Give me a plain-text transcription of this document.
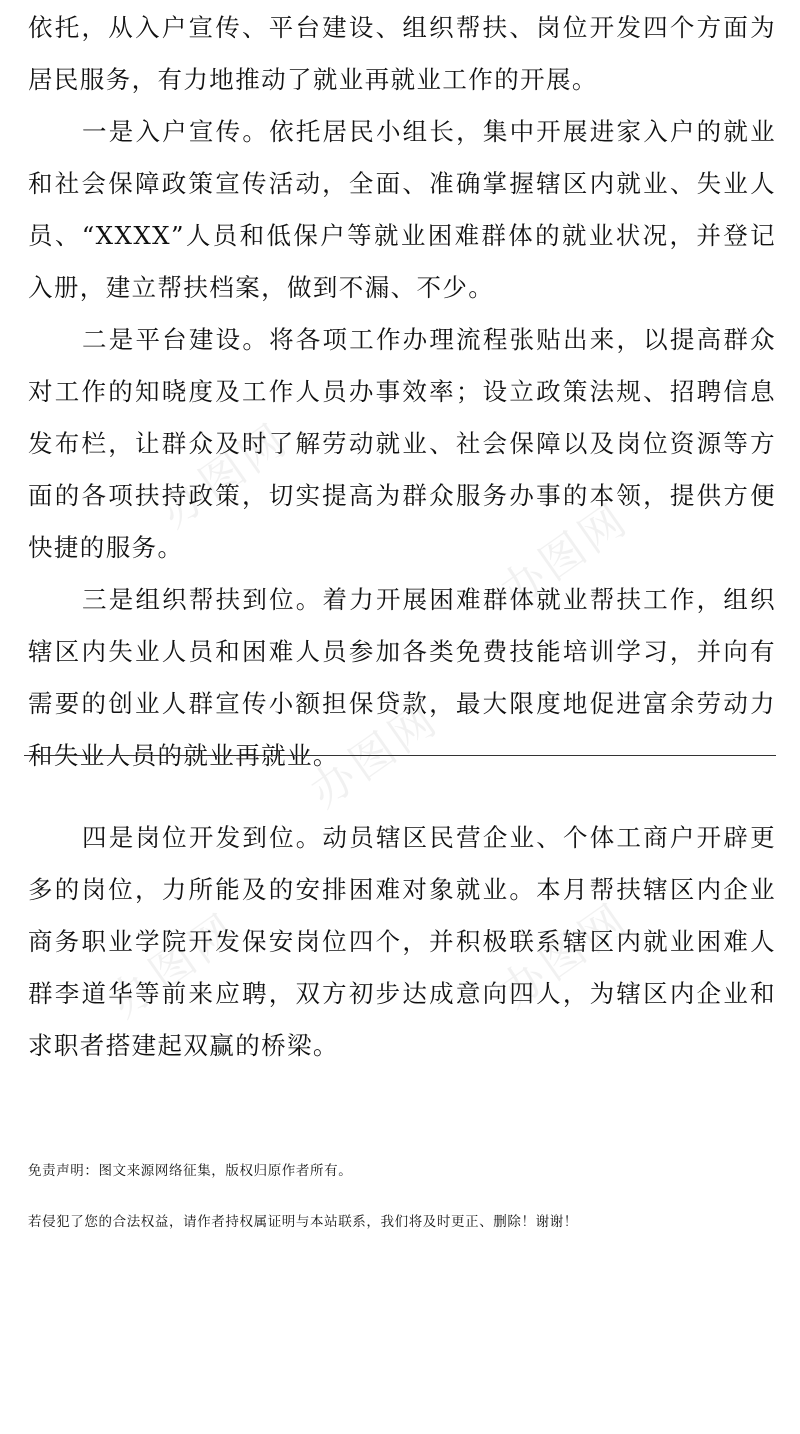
办图网
办图网
办图网
办图网	办图网

依托，从入户宣传、平台建设、组织帮扶、岗位开发四个方面为居民服务，有力地推动了就业再就业工作的开展。

一是入户宣传。依托居民小组长，集中开展进家入户的就业和社会保障政策宣传活动，全面、准确掌握辖区内就业、失业人员、“XXXX”人员和低保户等就业困难群体的就业状况，并登记入册，建立帮扶档案，做到不漏、不少。

二是平台建设。将各项工作办理流程张贴出来，以提高群众对工作的知晓度及工作人员办事效率；设立政策法规、招聘信息发布栏，让群众及时了解劳动就业、社会保障以及岗位资源等方面的各项扶持政策，切实提高为群众服务办事的本领，提供方便快捷的服务。

三是组织帮扶到位。着力开展困难群体就业帮扶工作，组织辖区内失业人员和困难人员参加各类免费技能培训学习，并向有需要的创业人群宣传小额担保贷款，最大限度地促进富余劳动力和失业人员的就业再就业。

四是岗位开发到位。动员辖区民营企业、个体工商户开辟更多的岗位，力所能及的安排困难对象就业。本月帮扶辖区内企业商务职业学院开发保安岗位四个，并积极联系辖区内就业困难人群李道华等前来应聘，双方初步达成意向四人，为辖区内企业和求职者搭建起双赢的桥梁。

免责声明：图文来源网络征集，版权归原作者所有。

若侵犯了您的合法权益，请作者持权属证明与本站联系，我们将及时更正、删除！谢谢！
